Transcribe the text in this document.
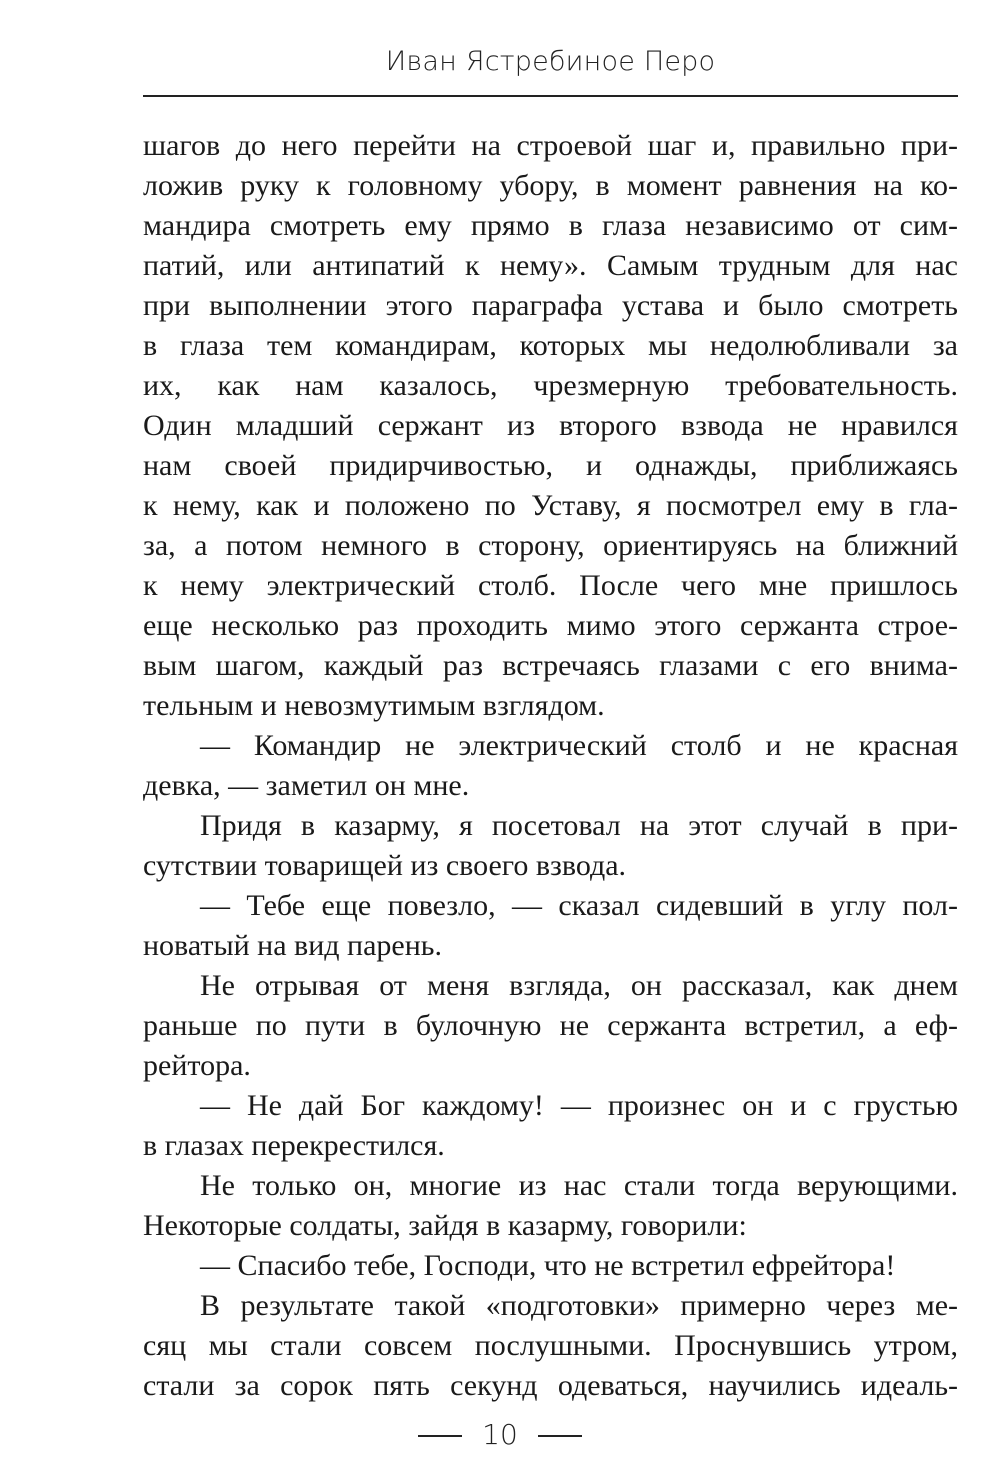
Иван Ястребиное Перо
шагов до него перейти на строевой шаг и, правильно при-
ложив руку к головному убору, в момент равнения на ко-
мандира смотреть ему прямо в глаза независимо от сим-
патий, или антипатий к нему». Самым трудным для нас
при выполнении этого параграфа устава и было смотреть
в глаза тем командирам, которых мы недолюбливали за
их, как нам казалось, чрезмерную требовательность.
Один младший сержант из второго взвода не нравился
нам своей придирчивостью, и однажды, приближаясь
к нему, как и положено по Уставу, я посмотрел ему в гла-
за, а потом немного в сторону, ориентируясь на ближний
к нему электрический столб. После чего мне пришлось
еще несколько раз проходить мимо этого сержанта строе-
вым шагом, каждый раз встречаясь глазами с его внима-
тельным и невозмутимым взглядом.
— Командир не электрический столб и не красная
девка, — заметил он мне.
Придя в казарму, я посетовал на этот случай в при-
сутствии товарищей из своего взвода.
— Тебе еще повезло, — сказал сидевший в углу пол-
новатый на вид парень.
Не отрывая от меня взгляда, он рассказал, как днем
раньше по пути в булочную не сержанта встретил, а еф-
рейтора.
— Не дай Бог каждому! — произнес он и с грустью
в глазах перекрестился.
Не только он, многие из нас стали тогда верующими.
Некоторые солдаты, зайдя в казарму, говорили:
— Спасибо тебе, Господи, что не встретил ефрейтора!
В результате такой «подготовки» примерно через ме-
сяц мы стали совсем послушными. Проснувшись утром,
стали за сорок пять секунд одеваться, научились идеаль-
10
